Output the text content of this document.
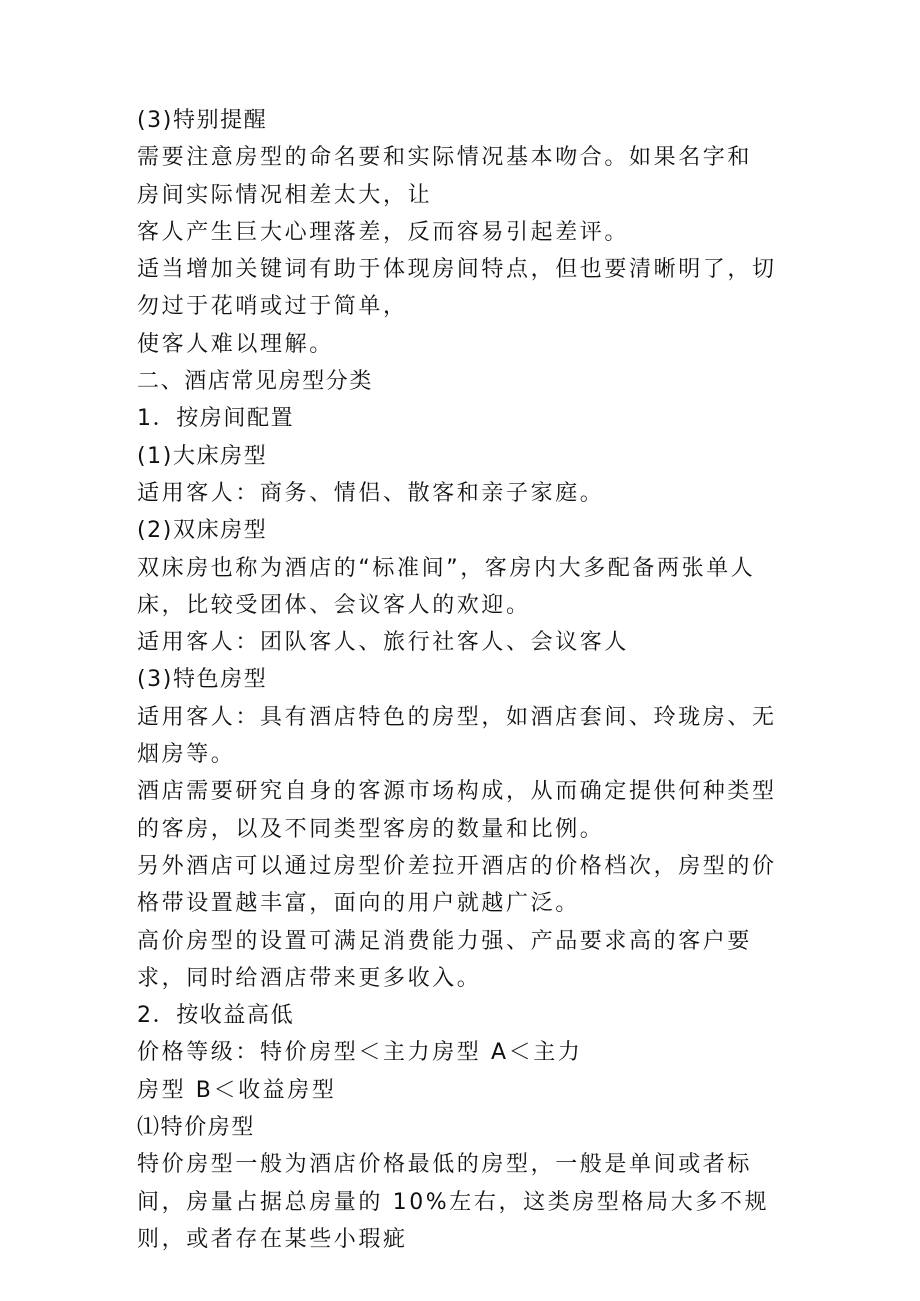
(3)特别提醒

需要注意房型的命名要和实际情况基本吻合。如果名字和

房间实际情况相差太大，让

客人产生巨大心理落差，反而容易引起差评。

适当增加关键词有助于体现房间特点，但也要清晰明了，切

勿过于花哨或过于简单，

使客人难以理解。

二、酒店常见房型分类

1．按房间配置

(1)大床房型

适用客人：商务、情侣、散客和亲子家庭。

(2)双床房型

双床房也称为酒店的“标准间”，客房内大多配备两张单人

床，比较受团体、会议客人的欢迎。

适用客人：团队客人、旅行社客人、会议客人

(3)特色房型

适用客人：具有酒店特色的房型，如酒店套间、玲珑房、无

烟房等。

酒店需要研究自身的客源市场构成，从而确定提供何种类型

的客房，以及不同类型客房的数量和比例。

另外酒店可以通过房型价差拉开酒店的价格档次，房型的价

格带设置越丰富，面向的用户就越广泛。

高价房型的设置可满足消费能力强、产品要求高的客户要

求，同时给酒店带来更多收入。

2．按收益高低

价格等级：特价房型＜主力房型 A＜主力

房型 B＜收益房型

⑴特价房型

特价房型一般为酒店价格最低的房型，一般是单间或者标

间，房量占据总房量的 10%左右，这类房型格局大多不规

则，或者存在某些小瑕疵
